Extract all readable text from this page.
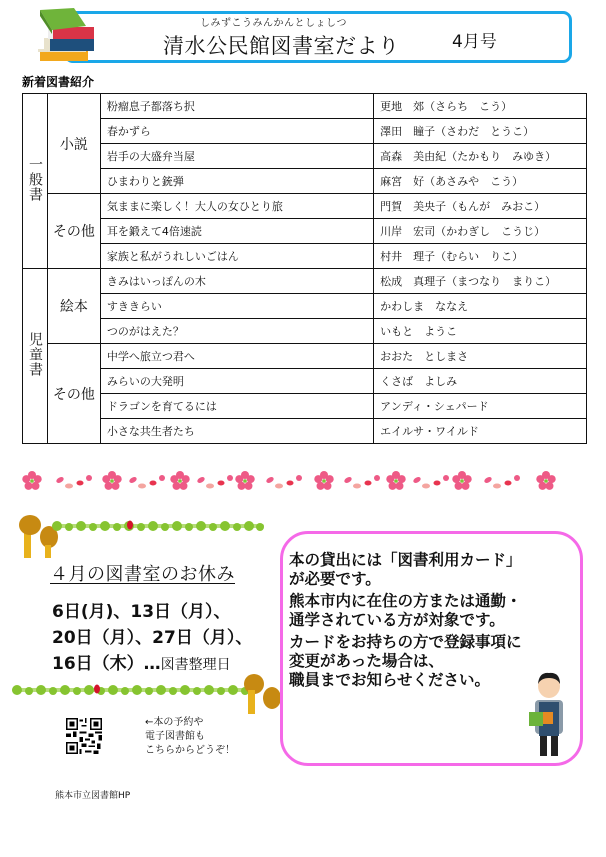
しみずこうみんかんとしょしつ
清水公民館図書室だより	4月号
新着図書紹介
一般書	小説	粉瘤息子都落ち択	更地　郊（さらち　こう）
		春かずら	澤田　瞳子（さわだ　とうこ）
		岩手の大盛弁当屋	高森　美由紀（たかもり　みゆき）
		ひまわりと銃弾	麻宮　好（あさみや　こう）
	その他	気ままに楽しく！大人の女ひとり旅	門賀　美央子（もんが　みおこ）
		耳を鍛えて4倍速読	川岸　宏司（かわぎし　こうじ）
		家族と私がうれしいごはん	村井　理子（むらい　りこ）
児童書	絵本	きみはいっぽんの木	松成　真理子（まつなり　まりこ）
		すききらい	かわしま　ななえ
		つのがはえた？	いもと　ようこ
	その他	中学へ旅立つ君へ	おおた　としまさ
		みらいの大発明	くさば　よしみ
		ドラゴンを育てるには	アンディ・シェパード
		小さな共生者たち	エイルサ・ワイルド
４月の図書室のお休み
6日(月)、13日（月）、
20日（月）、27日（月）、
16日（木）…図書整理日
←本の予約や
電子図書館も
こちらからどうぞ！
熊本市立図書館HP

本の貸出には「図書利用カード」
が必要です。

熊本市内に在住の方または通勤・
通学されている方が対象です。

カードをお持ちの方で登録事項に
変更があった場合は、
職員までお知らせください。
